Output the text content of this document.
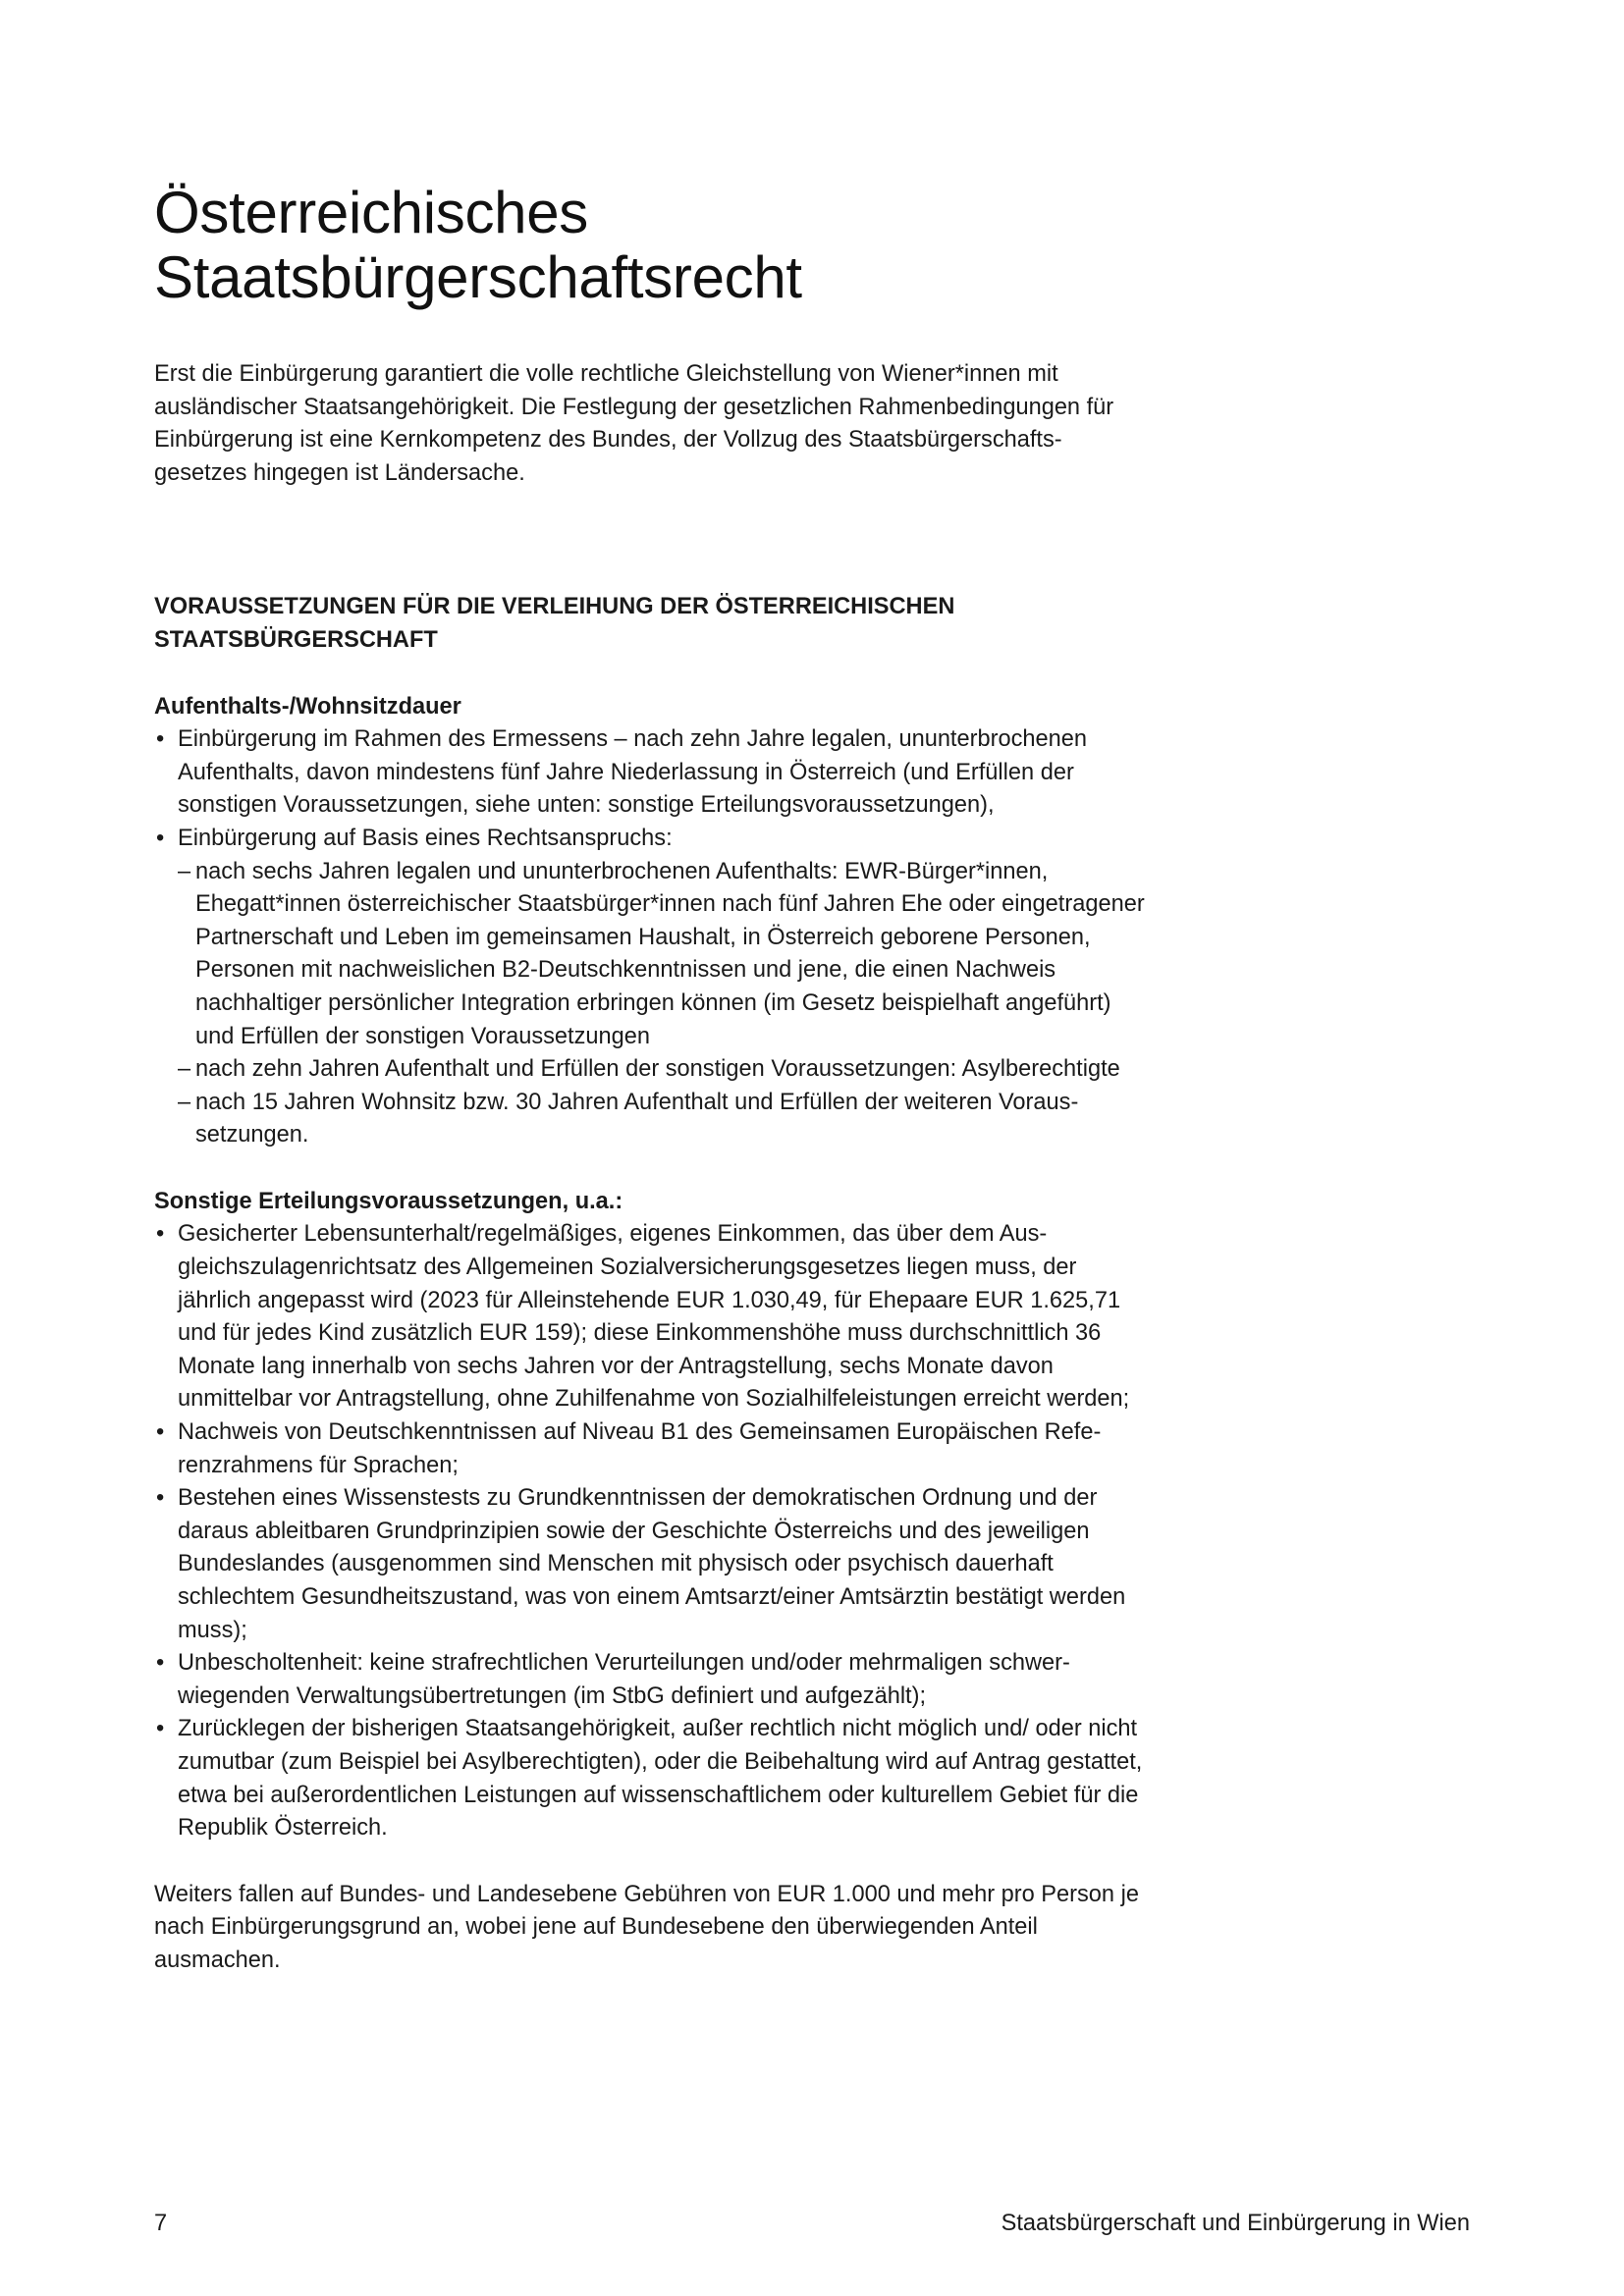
Österreichisches Staatsbürgerschaftsrecht

Erst die Einbürgerung garantiert die volle rechtliche Gleichstellung von Wiener*innen mit ausländischer Staatsangehörigkeit. Die Festlegung der gesetzlichen Rahmenbedingungen für Einbürgerung ist eine Kernkompetenz des Bundes, der Vollzug des Staatsbürgerschaftsgesetzes hingegen ist Ländersache.

VORAUSSETZUNGEN FÜR DIE VERLEIHUNG DER ÖSTERREICHISCHEN STAATSBÜRGERSCHAFT

Aufenthalts-/Wohnsitzdauer

• Einbürgerung im Rahmen des Ermessens – nach zehn Jahre legalen, ununterbrochenen Aufenthalts, davon mindestens fünf Jahre Niederlassung in Österreich (und Erfüllen der sonstigen Voraussetzungen, siehe unten: sonstige Erteilungsvoraussetzungen),
• Einbürgerung auf Basis eines Rechtsanspruchs:
– nach sechs Jahren legalen und ununterbrochenen Aufenthalts: EWR-Bürger*innen, Ehegatt*innen österreichischer Staatsbürger*innen nach fünf Jahren Ehe oder eingetragener Partnerschaft und Leben im gemeinsamen Haushalt, in Österreich geborene Personen, Personen mit nachweislichen B2-Deutschkenntnissen und jene, die einen Nachweis nachhaltiger persönlicher Integration erbringen können (im Gesetz beispielhaft angeführt) und Erfüllen der sonstigen Voraussetzungen
– nach zehn Jahren Aufenthalt und Erfüllen der sonstigen Voraussetzungen: Asylberechtigte
– nach 15 Jahren Wohnsitz bzw. 30 Jahren Aufenthalt und Erfüllen der weiteren Voraussetzungen.

Sonstige Erteilungsvoraussetzungen, u.a.:

• Gesicherter Lebensunterhalt/regelmäßiges, eigenes Einkommen, das über dem Ausgleichszulagenrichtsatz des Allgemeinen Sozialversicherungsgesetzes liegen muss, der jährlich angepasst wird (2023 für Alleinstehende EUR 1.030,49, für Ehepaare EUR 1.625,71 und für jedes Kind zusätzlich EUR 159); diese Einkommenshöhe muss durchschnittlich 36 Monate lang innerhalb von sechs Jahren vor der Antragstellung, sechs Monate davon unmittelbar vor Antragstellung, ohne Zuhilfenahme von Sozialhilfeleistungen erreicht werden;
• Nachweis von Deutschkenntnissen auf Niveau B1 des Gemeinsamen Europäischen Referenzrahmens für Sprachen;
• Bestehen eines Wissenstests zu Grundkenntnissen der demokratischen Ordnung und der daraus ableitbaren Grundprinzipien sowie der Geschichte Österreichs und des jeweiligen Bundeslandes (ausgenommen sind Menschen mit physisch oder psychisch dauerhaft schlechtem Gesundheitszustand, was von einem Amtsarzt/einer Amtsärztin bestätigt werden muss);
• Unbescholtenheit: keine strafrechtlichen Verurteilungen und/oder mehrmaligen schwerwiegenden Verwaltungsübertretungen (im StbG definiert und aufgezählt);
• Zurücklegen der bisherigen Staatsangehörigkeit, außer rechtlich nicht möglich und/ oder nicht zumutbar (zum Beispiel bei Asylberechtigten), oder die Beibehaltung wird auf Antrag gestattet, etwa bei außerordentlichen Leistungen auf wissenschaftlichem oder kulturellem Gebiet für die Republik Österreich.

Weiters fallen auf Bundes- und Landesebene Gebühren von EUR 1.000 und mehr pro Person je nach Einbürgerungsgrund an, wobei jene auf Bundesebene den überwiegenden Anteil ausmachen.

7	Staatsbürgerschaft und Einbürgerung in Wien
